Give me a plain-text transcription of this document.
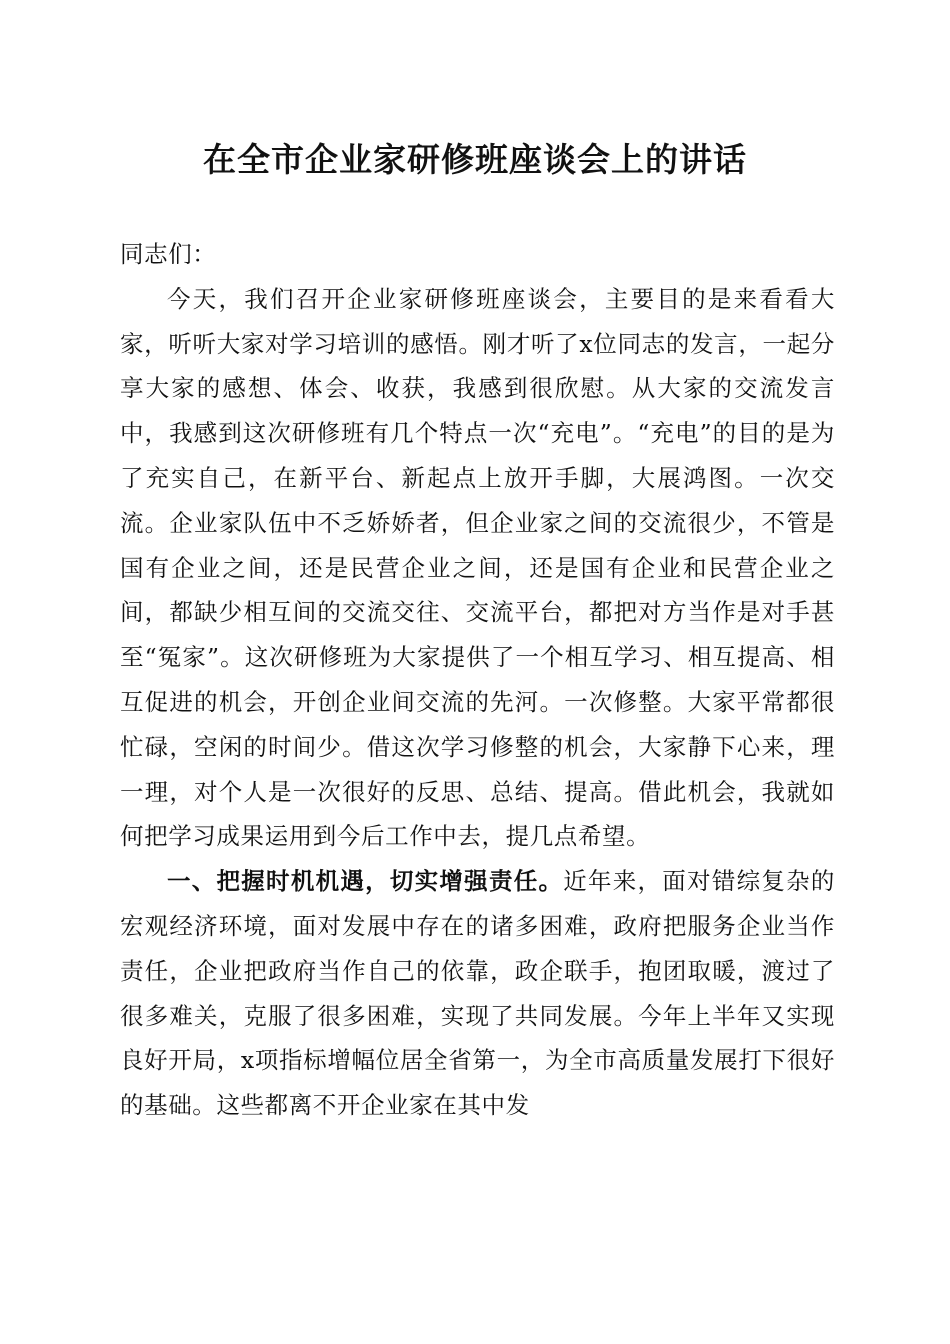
在全市企业家研修班座谈会上的讲话

同志们：

今天，我们召开企业家研修班座谈会，主要目的是来看看大家，听听大家对学习培训的感悟。刚才听了x位同志的发言，一起分享大家的感想、体会、收获，我感到很欣慰。从大家的交流发言中，我感到这次研修班有几个特点一次“充电”。“充电”的目的是为了充实自己，在新平台、新起点上放开手脚，大展鸿图。一次交流。企业家队伍中不乏娇娇者，但企业家之间的交流很少，不管是国有企业之间，还是民营企业之间，还是国有企业和民营企业之间，都缺少相互间的交流交往、交流平台，都把对方当作是对手甚至“冤家”。这次研修班为大家提供了一个相互学习、相互提高、相互促进的机会，开创企业间交流的先河。一次修整。大家平常都很忙碌，空闲的时间少。借这次学习修整的机会，大家静下心来，理一理，对个人是一次很好的反思、总结、提高。借此机会，我就如何把学习成果运用到今后工作中去，提几点希望。

一、把握时机机遇，切实增强责任。近年来，面对错综复杂的宏观经济环境，面对发展中存在的诸多困难，政府把服务企业当作责任，企业把政府当作自己的依靠，政企联手，抱团取暖，渡过了很多难关，克服了很多困难，实现了共同发展。今年上半年又实现良好开局，x项指标增幅位居全省第一，为全市高质量发展打下很好的基础。这些都离不开企业家在其中发
